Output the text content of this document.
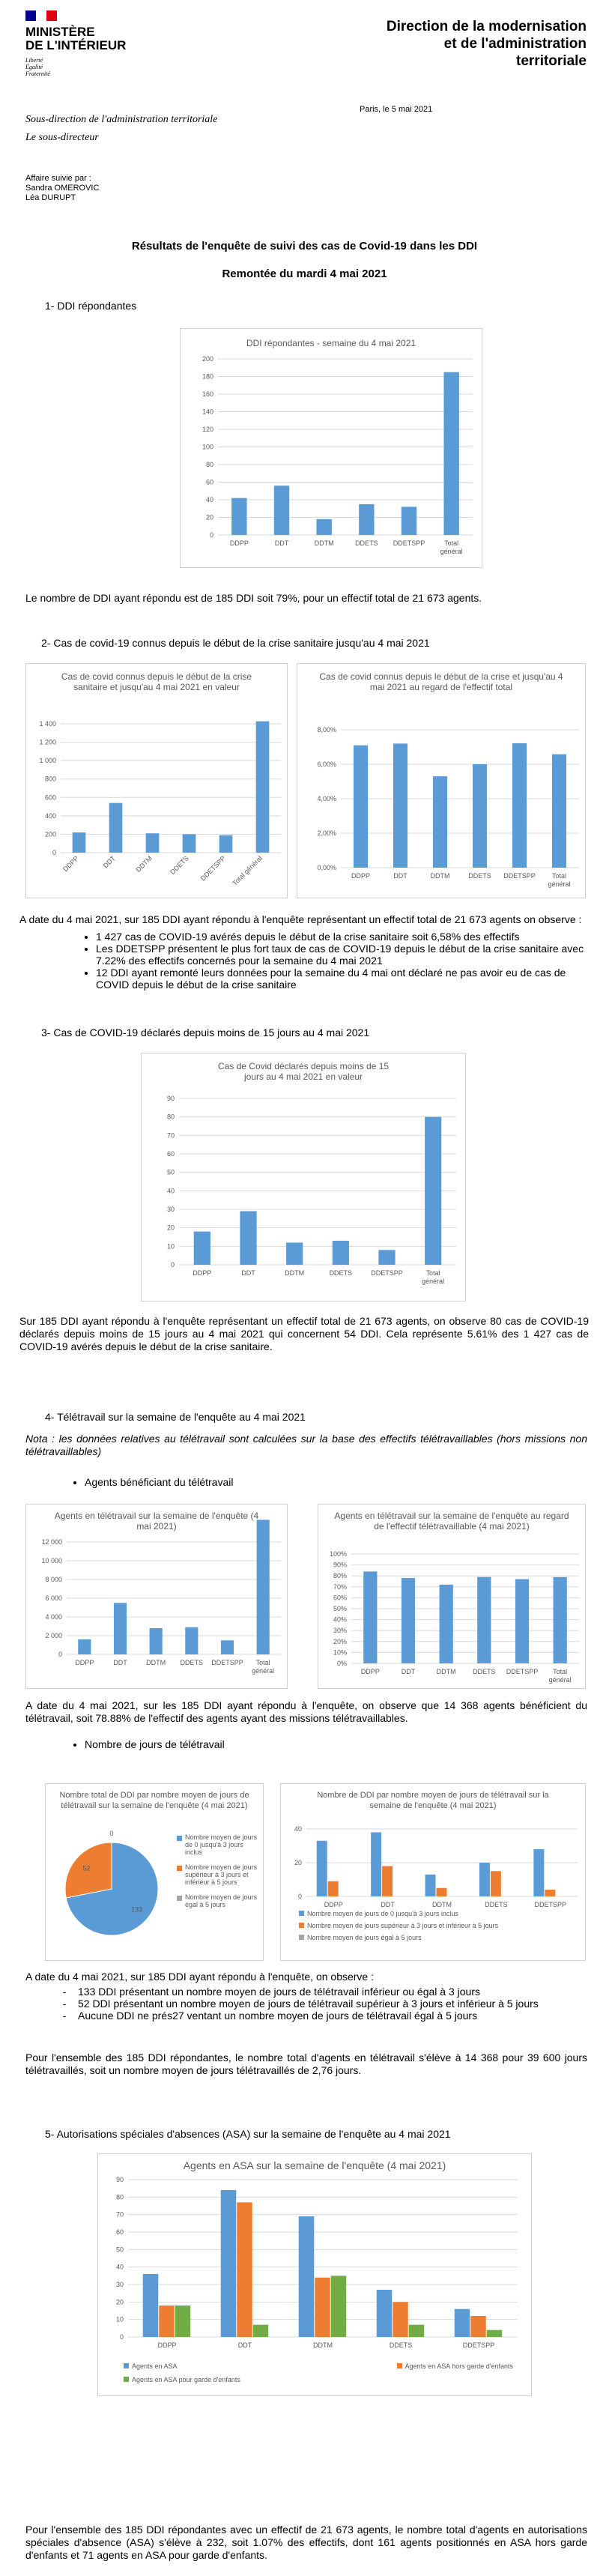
MINISTÈRE
DE L'INTÉRIEUR
Liberté
Égalité
Fraternité
Direction de la modernisation et de l'administration territoriale
Paris, le 5 mai 2021
Sous-direction de l'administration territoriale
Le sous-directeur
Affaire suivie par :
Sandra OMEROVIC
Léa DURUPT
Résultats de l'enquête de suivi des cas de Covid-19 dans les DDI
Remontée du mardi 4 mai 2021
1- DDI répondantes
DDI répondantes - semaine du 4 mai 2021
0
20
40
60
80
100
120
140
160
180
200
DDPP	DDT	DDTM	DDETS DDETSPP	Total
général
Le nombre de DDI ayant répondu est de 185 DDI soit 79%, pour un effectif total de 21 673 agents.
2- Cas de covid-19 connus depuis le début de la crise sanitaire jusqu'au 4 mai 2021
Cas de covid connus depuis le début de la crise sanitaire et jusqu'au 4 mai 2021 en valeur
0
200
400
600
800
1 000
1 200
1 400
DDPP	DDT	DDTM DDETS DDETSPP Total général
Cas de covid connus depuis le début de la crise et jusqu'au 4 mai 2021 au regard de l'effectif total
0,00%
2,00%
4,00%
6,00%
8,00%
DDPP	DDT	DDTM	DDETS DDETSPP Total
général
A date du 4 mai 2021, sur 185 DDI ayant répondu à l'enquête représentant un effectif total de 21 673 agents on observe :
• 1 427 cas de COVID-19 avérés depuis le début de la crise sanitaire soit 6,58% des effectifs
• Les DDETSPP présentent le plus fort taux de cas de COVID-19 depuis le début de la crise sanitaire avec 7.22% des effectifs concernés pour la semaine du 4 mai 2021
• 12 DDI ayant remonté leurs données pour la semaine du 4 mai ont déclaré ne pas avoir eu de cas de COVID depuis le début de la crise sanitaire
3- Cas de COVID-19 déclarés depuis moins de 15 jours au 4 mai 2021
Cas de Covid déclarés depuis moins de 15 jours au 4 mai 2021 en valeur
0
10
20
30
40
50
60
70
80
90
DDPP	DDT	DDTM	DDETS	DDETSPP	Total
général
Sur 185 DDI ayant répondu à l'enquête représentant un effectif total de 21 673 agents, on observe 80 cas de COVID-19 déclarés depuis moins de 15 jours au 4 mai 2021 qui concernent 54 DDI. Cela représente 5.61% des 1 427 cas de COVID-19 avérés depuis le début de la crise sanitaire.
4- Télétravail sur la semaine de l'enquête au 4 mai 2021
Nota : les données relatives au télétravail sont calculées sur la base des effectifs télétravaillables (hors missions non télétravaillables)
• Agents bénéficiant du télétravail
Agents en télétravail sur la semaine de l'enquête (4 mai 2021)
0
2 000
4 000
6 000
8 000
10 000
12 000
DDPP	DDT	DDTM DDETS DDETSPP Total
général
Agents en télétravail sur la semaine de l'enquête au regard de l'effectif télétravaillable (4 mai 2021)
0%
10%
20%
30%
40%
50%
60%
70%
80%
90%
100%
DDPP	DDT	DDTM DDETS DDETSPP Total
général
A date du 4 mai 2021, sur les 185 DDI ayant répondu à l'enquête, on observe que 14 368 agents bénéficient du télétravail, soit 78.88% de l'effectif des agents ayant des missions télétravaillables.
• Nombre de jours de télétravail
Nombre total de DDI par nombre moyen de jours de télétravail sur la semaine de l'enquête (4 mai 2021)
133
52
0	Nombre moyen de jours de 0 jusqu'à 3 jours inclus
Nombre moyen de jours supérieur à 3 jours et inférieur à 5 jours
Nombre moyen de jours égal à 5 jours
Nombre de DDI par nombre moyen de jours de télétravail sur la semaine de l'enquête (4 mai 2021)
0
20
40
DDPP	DDT	DDTM	DDETS	DDETSPP
Nombre moyen de jours de 0 jusqu'à 3 jours inclus
Nombre moyen de jours supérieur à 3 jours et inférieur à 5 jours
Nombre moyen de jours égal à 5 jours
A date du 4 mai 2021, sur 185 DDI ayant répondu à l'enquête, on observe :
- 133 DDI présentant un nombre moyen de jours de télétravail inférieur ou égal à 3 jours
- 52 DDI présentant un nombre moyen de jours de télétravail supérieur à 3 jours et inférieur à 5 jours
- Aucune DDI ne prés27 ventant un nombre moyen de jours de télétravail égal à 5 jours
Pour l'ensemble des 185 DDI répondantes, le nombre total d'agents en télétravail s'élève à 14 368 pour 39 600 jours télétravaillés, soit un nombre moyen de jours télétravaillés de 2,76 jours.
5- Autorisations spéciales d'absences (ASA) sur la semaine de l'enquête au 4 mai 2021
Agents en ASA sur la semaine de l'enquête (4 mai 2021)
0
10
20
30
40
50
60
70
80
90
DDPP	DDT	DDTM	DDETS	DDETSPP
Agents en ASA	Agents en ASA hors garde d'enfants
Agents en ASA pour garde d'enfants
Pour l'ensemble des 185 DDI répondantes avec un effectif de 21 673 agents, le nombre total d'agents en autorisations spéciales d'absence (ASA) s'élève à 232, soit 1.07% des effectifs, dont 161 agents positionnés en ASA hors garde d'enfants et 71 agents en ASA pour garde d'enfants.
